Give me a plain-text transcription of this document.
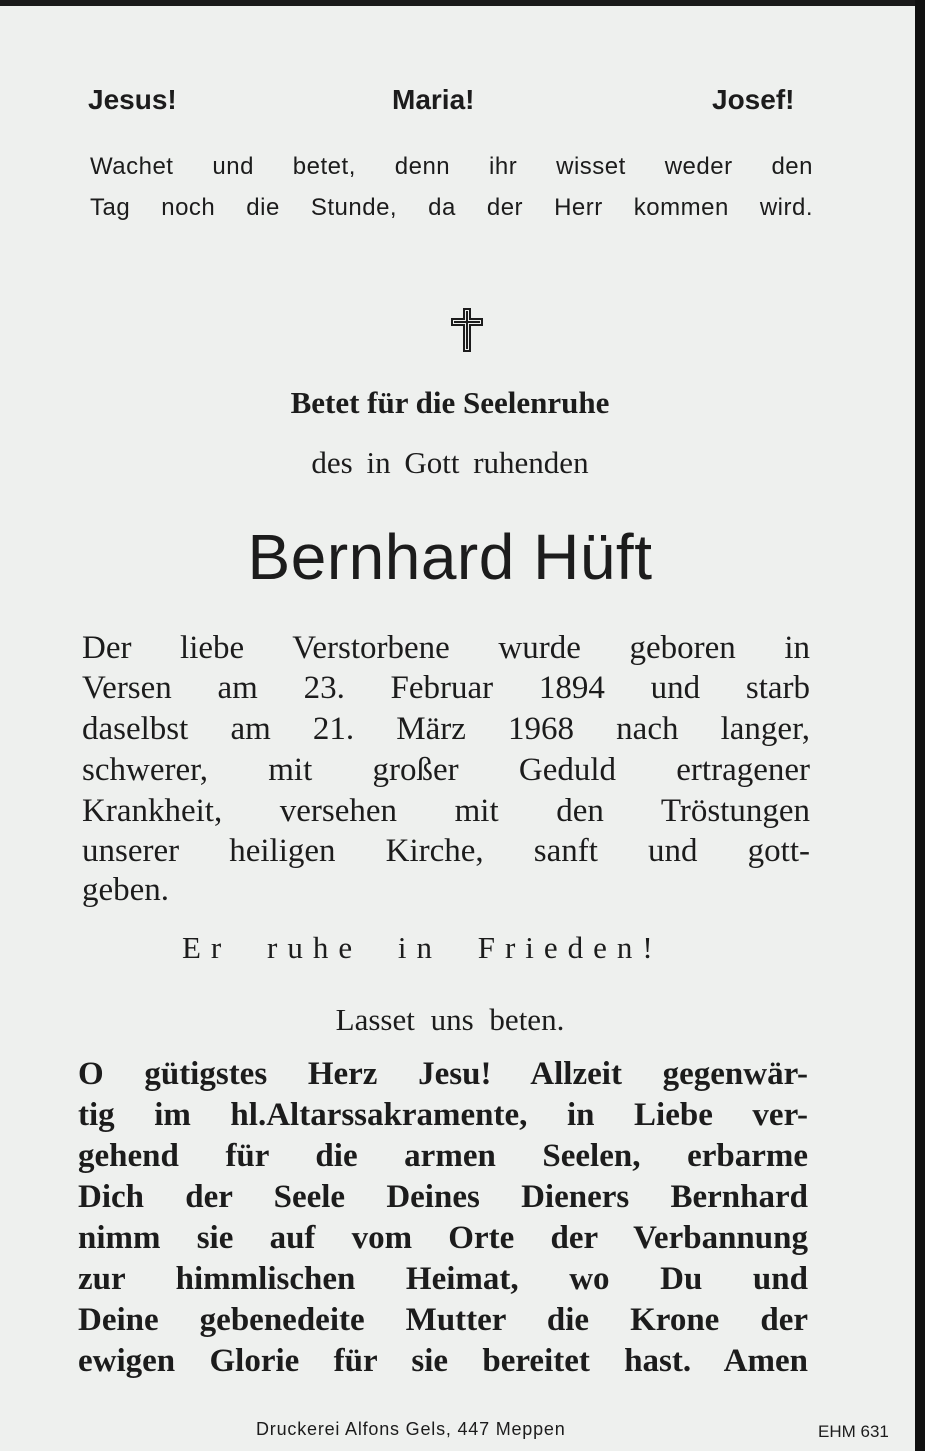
Jesus!	Maria!	Josef!
Wachet und betet, denn ihr wisset weder den
Tag noch die Stunde, da der Herr kommen wird.
Betet für die Seelenruhe
des in Gott ruhenden
Bernhard Hüft
Der liebe Verstorbene wurde geboren in
Versen am 23. Februar 1894 und starb
daselbst am 21. März 1968 nach langer,
schwerer, mit großer Geduld ertragener
Krankheit, versehen mit den Tröstungen
unserer heiligen Kirche, sanft und gott-
geben.
Er ruhe in Frieden!
Lasset uns beten.
O gütigstes Herz Jesu! Allzeit gegenwär-
tig im hl.Altarssakramente, in Liebe ver-
gehend für die armen Seelen, erbarme
Dich der Seele Deines Dieners Bernhard
nimm sie auf vom Orte der Verbannung
zur himmlischen Heimat, wo Du und
Deine gebenedeite Mutter die Krone der
ewigen Glorie für sie bereitet hast. Amen
Druckerei Alfons Gels, 447 Meppen	EHM 631
